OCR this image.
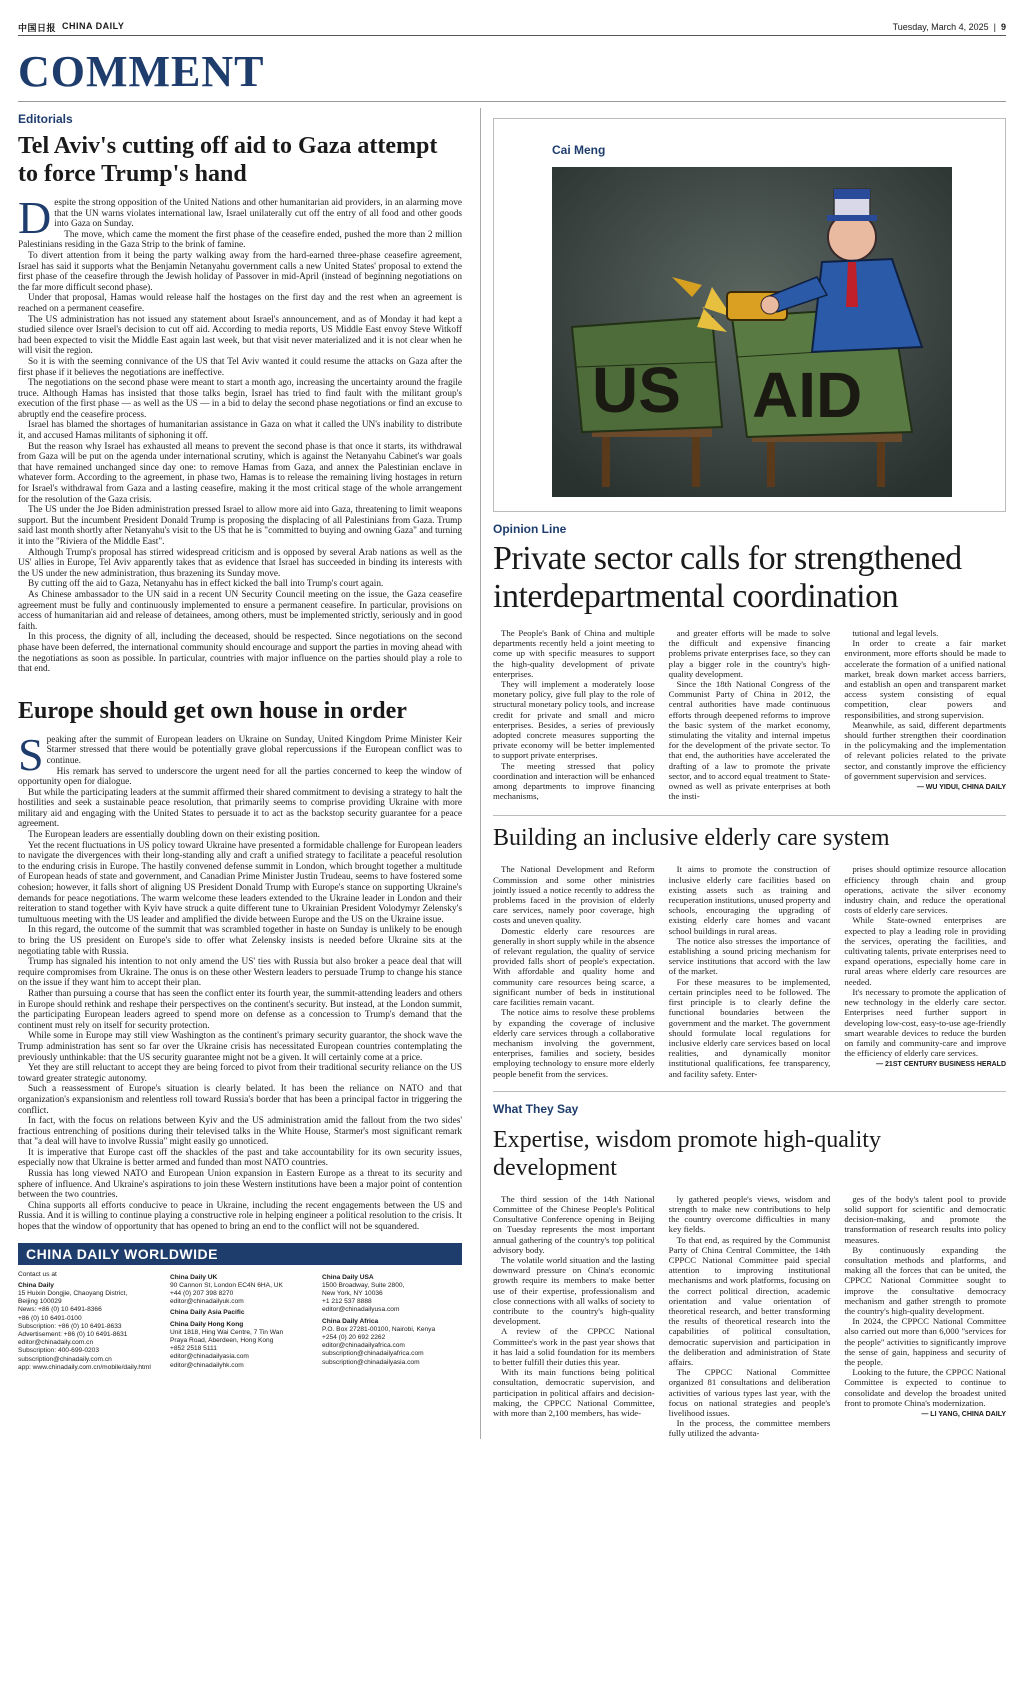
中国日报 CHINA DAILY	Tuesday, March 4, 2025  |  9
COMMENT
Editorials
Tel Aviv's cutting off aid to Gaza attempt to force Trump's hand

Despite the strong opposition of the United Nations and other humanitarian aid providers, in an alarming move that the UN warns violates international law, Israel unilaterally cut off the entry of all food and other goods into Gaza on Sunday.

The move, which came the moment the first phase of the ceasefire ended, pushed the more than 2 million Palestinians residing in the Gaza Strip to the brink of famine.

To divert attention from it being the party walking away from the hard-earned three-phase ceasefire agreement, Israel has said it supports what the Benjamin Netanyahu government calls a new United States' proposal to extend the first phase of the ceasefire through the Jewish holiday of Passover in mid-April (instead of beginning negotiations on the far more difficult second phase).

Under that proposal, Hamas would release half the hostages on the first day and the rest when an agreement is reached on a permanent ceasefire.

The US administration has not issued any statement about Israel's announcement, and as of Monday it had kept a studied silence over Israel's decision to cut off aid. According to media reports, US Middle East envoy Steve Witkoff had been expected to visit the Middle East again last week, but that visit never materialized and it is not clear when he will visit the region.

So it is with the seeming connivance of the US that Tel Aviv wanted it could resume the attacks on Gaza after the first phase if it believes the negotiations are ineffective.

The negotiations on the second phase were meant to start a month ago, increasing the uncertainty around the fragile truce. Although Hamas has insisted that those talks begin, Israel has tried to find fault with the militant group's execution of the first phase — as well as the US — in a bid to delay the second phase negotiations or find an excuse to abruptly end the ceasefire process.

Israel has blamed the shortages of humanitarian assistance in Gaza on what it called the UN's inability to distribute it, and accused Hamas militants of siphoning it off.

But the reason why Israel has exhausted all means to prevent the second phase is that once it starts, its withdrawal from Gaza will be put on the agenda under international scrutiny, which is against the Netanyahu Cabinet's war goals that have remained unchanged since day one: to remove Hamas from Gaza, and annex the Palestinian enclave in whatever form. According to the agreement, in phase two, Hamas is to release the remaining living hostages in return for Israel's withdrawal from Gaza and a lasting ceasefire, making it the most critical stage of the whole arrangement for the resolution of the Gaza crisis.

The US under the Joe Biden administration pressed Israel to allow more aid into Gaza, threatening to limit weapons support. But the incumbent President Donald Trump is proposing the displacing of all Palestinians from Gaza. Trump said last month shortly after Netanyahu's visit to the US that he is "committed to buying and owning Gaza" and turning it into the "Riviera of the Middle East".

Although Trump's proposal has stirred widespread criticism and is opposed by several Arab nations as well as the US' allies in Europe, Tel Aviv apparently takes that as evidence that Israel has succeeded in binding its interests with the US under the new administration, thus brazening its Sunday move.

By cutting off the aid to Gaza, Netanyahu has in effect kicked the ball into Trump's court again.

As Chinese ambassador to the UN said in a recent UN Security Council meeting on the issue, the Gaza ceasefire agreement must be fully and continuously implemented to ensure a permanent ceasefire. In particular, provisions on access of humanitarian aid and release of detainees, among others, must be implemented strictly, seriously and in good faith.

In this process, the dignity of all, including the deceased, should be respected. Since negotiations on the second phase have been deferred, the international community should encourage and support the parties in moving ahead with the negotiations as soon as possible. In particular, countries with major influence on the parties should play a role to that end.

Europe should get own house in order

Speaking after the summit of European leaders on Ukraine on Sunday, United Kingdom Prime Minister Keir Starmer stressed that there would be potentially grave global repercussions if the European conflict was to continue.

His remark has served to underscore the urgent need for all the parties concerned to keep the window of opportunity open for dialogue.

But while the participating leaders at the summit affirmed their shared commitment to devising a strategy to halt the hostilities and seek a sustainable peace resolution, that primarily seems to comprise providing Ukraine with more military aid and engaging with the United States to persuade it to act as the backstop security guarantee for a peace agreement.

The European leaders are essentially doubling down on their existing position.

Yet the recent fluctuations in US policy toward Ukraine have presented a formidable challenge for European leaders to navigate the divergences with their long-standing ally and craft a unified strategy to facilitate a peaceful resolution to the enduring crisis in Europe. The hastily convened defense summit in London, which brought together a multitude of European heads of state and government, and Canadian Prime Minister Justin Trudeau, seems to have fostered some cohesion; however, it falls short of aligning US President Donald Trump with Europe's stance on supporting Ukraine's demands for peace negotiations. The warm welcome these leaders extended to the Ukraine leader in London and their reiteration to stand together with Kyiv have struck a quite different tune to Ukrainian President Volodymyr Zelensky's tumultuous meeting with the US leader and amplified the divide between Europe and the US on the Ukraine issue.

In this regard, the outcome of the summit that was scrambled together in haste on Sunday is unlikely to be enough to bring the US president on Europe's side to offer what Zelensky insists is needed before Ukraine sits at the negotiating table with Russia.

Trump has signaled his intention to not only amend the US' ties with Russia but also broker a peace deal that will require compromises from Ukraine. The onus is on these other Western leaders to persuade Trump to change his stance on the issue if they want him to accept their plan.

Rather than pursuing a course that has seen the conflict enter its fourth year, the summit-attending leaders and others in Europe should rethink and reshape their perspectives on the continent's security. But instead, at the London summit, the participating European leaders agreed to spend more on defense as a concession to Trump's demand that the continent must rely on itself for security protection.

While some in Europe may still view Washington as the continent's primary security guarantor, the shock wave the Trump administration has sent so far over the Ukraine crisis has necessitated European countries contemplating the previously unthinkable: that the US security guarantee might not be a given. It will certainly come at a price.

Yet they are still reluctant to accept they are being forced to pivot from their traditional security reliance on the US toward greater strategic autonomy.

Such a reassessment of Europe's situation is clearly belated. It has been the reliance on NATO and that organization's expansionism and relentless roll toward Russia's border that has been a principal factor in triggering the conflict.

In fact, with the focus on relations between Kyiv and the US administration amid the fallout from the two sides' fractious entrenching of positions during their televised talks in the White House, Starmer's most significant remark that "a deal will have to involve Russia" might easily go unnoticed.

It is imperative that Europe cast off the shackles of the past and take accountability for its own security issues, especially now that Ukraine is better armed and funded than most NATO countries.

Russia has long viewed NATO and European Union expansion in Eastern Europe as a threat to its security and sphere of influence. And Ukraine's aspirations to join these Western institutions have been a major point of contention between the two countries.

China supports all efforts conducive to peace in Ukraine, including the recent engagements between the US and Russia. And it is willing to continue playing a constructive role in helping engineer a political resolution to the crisis. It hopes that the window of opportunity that has opened to bring an end to the conflict will not be squandered.

CHINA DAILY WORLDWIDE
Contact us at
China Daily
15 Huixin Dongjie, Chaoyang District,
Beijing 100029
News: +86 (0) 10 6491-8366
+86 (0) 10 6491-0100
Subscription: +86 (0) 10 6491-8633
Advertisement: +86 (0) 10 6491-8631
editor@chinadaily.com.cn
Subscription: 400-699-0203
subscription@chinadaily.com.cn
app: www.chinadaily.com.cn/mobile/daily.html
China Daily UK
90 Cannon St, London EC4N 6HA, UK
+44 (0) 207 398 8270
editor@chinadailyuk.com
China Daily Asia Pacific
China Daily Hong Kong
Unit 1818, Hing Wai Centre, 7 Tin Wan
Praya Road, Aberdeen, Hong Kong
+852 2518 5111
editor@chinadailyasia.com
editor@chinadailyhk.com
China Daily USA
1500 Broadway, Suite 2800,
New York, NY 10036
+1 212 537 8888
editor@chinadailyusa.com
China Daily Africa
P.O. Box 27281-00100, Nairobi, Kenya
+254 (0) 20 692 2262
editor@chinadailyafrica.com
subscription@chinadailyafrica.com
subscription@chinadailyasia.com
Cai Meng
US AID
Opinion Line
Private sector calls for strengthened interdepartmental coordination

The People's Bank of China and multiple departments recently held a joint meeting to come up with specific measures to support the high-quality development of private enterprises.

They will implement a moderately loose monetary policy, give full play to the role of structural monetary policy tools, and increase credit for private and small and micro enterprises. Besides, a series of previously adopted concrete measures supporting the private economy will be better implemented to support private enterprises.

The meeting stressed that policy coordination and interaction will be enhanced among departments to improve financing mechanisms,

and greater efforts will be made to solve the difficult and expensive financing problems private enterprises face, so they can play a bigger role in the country's high-quality development.

Since the 18th National Congress of the Communist Party of China in 2012, the central authorities have made continuous efforts through deepened reforms to improve the basic system of the market economy, stimulating the vitality and internal impetus for the development of the private sector. To that end, the authorities have accelerated the drafting of a law to promote the private sector, and to accord equal treatment to State-owned as well as private enterprises at both the insti-

tutional and legal levels.

In order to create a fair market environment, more efforts should be made to accelerate the formation of a unified national market, break down market access barriers, and establish an open and transparent market access system consisting of equal competition, clear powers and responsibilities, and strong supervision.

Meanwhile, as said, different departments should further strengthen their coordination in the policymaking and the implementation of relevant policies related to the private sector, and constantly improve the efficiency of government supervision and services.

— WU YIDUI, CHINA DAILY
Building an inclusive elderly care system

The National Development and Reform Commission and some other ministries jointly issued a notice recently to address the problems faced in the provision of elderly care services, namely poor coverage, high costs and uneven quality.

Domestic elderly care resources are generally in short supply while in the absence of relevant regulation, the quality of service provided falls short of people's expectation. With affordable and quality home and community care resources being scarce, a significant number of beds in institutional care facilities remain vacant.

The notice aims to resolve these problems by expanding the coverage of inclusive elderly care services through a collaborative mechanism involving the government, enterprises, families and society, besides employing technology to ensure more elderly people benefit from the services.

It aims to promote the construction of inclusive elderly care facilities based on existing assets such as training and recuperation institutions, unused property and schools, encouraging the upgrading of existing elderly care homes and vacant school buildings in rural areas.

The notice also stresses the importance of establishing a sound pricing mechanism for service institutions that accord with the law of the market.

For these measures to be implemented, certain principles need to be followed. The first principle is to clearly define the functional boundaries between the government and the market. The government should formulate local regulations for inclusive elderly care services based on local realities, and dynamically monitor institutional qualifications, fee transparency, and facility safety. Enter-

prises should optimize resource allocation efficiency through chain and group operations, activate the silver economy industry chain, and reduce the operational costs of elderly care services.

While State-owned enterprises are expected to play a leading role in providing the services, operating the facilities, and cultivating talents, private enterprises need to expand operations, especially home care in rural areas where elderly care resources are needed.

It's necessary to promote the application of new technology in the elderly care sector. Enterprises need further support in developing low-cost, easy-to-use age-friendly smart wearable devices to reduce the burden on family and community-care and improve the efficiency of elderly care services.

— 21ST CENTURY BUSINESS HERALD
What They Say
Expertise, wisdom promote high-quality development

The third session of the 14th National Committee of the Chinese People's Political Consultative Conference opening in Beijing on Tuesday represents the most important annual gathering of the country's top political advisory body.

The volatile world situation and the lasting downward pressure on China's economic growth require its members to make better use of their expertise, professionalism and close connections with all walks of society to contribute to the country's high-quality development.

A review of the CPPCC National Committee's work in the past year shows that it has laid a solid foundation for its members to better fulfill their duties this year.

With its main functions being political consultation, democratic supervision, and participation in political affairs and decision-making, the CPPCC National Committee, with more than 2,100 members, has wide-

ly gathered people's views, wisdom and strength to make new contributions to help the country overcome difficulties in many key fields.

To that end, as required by the Communist Party of China Central Committee, the 14th CPPCC National Committee paid special attention to improving institutional mechanisms and work platforms, focusing on the correct political direction, academic orientation and value orientation of theoretical research, and better transforming the results of theoretical research into the capabilities of political consultation, democratic supervision and participation in the deliberation and administration of State affairs.

The CPPCC National Committee organized 81 consultations and deliberation activities of various types last year, with the focus on national strategies and people's livelihood issues.

In the process, the committee members fully utilized the advanta-

ges of the body's talent pool to provide solid support for scientific and democratic decision-making, and promote the transformation of research results into policy measures.

By continuously expanding the consultation methods and platforms, and making all the forces that can be united, the CPPCC National Committee sought to improve the consultative democracy mechanism and gather strength to promote the country's high-quality development.

In 2024, the CPPCC National Committee also carried out more than 6,000 "services for the people" activities to significantly improve the sense of gain, happiness and security of the people.

Looking to the future, the CPPCC National Committee is expected to continue to consolidate and develop the broadest united front to promote China's modernization.

— LI YANG, CHINA DAILY
